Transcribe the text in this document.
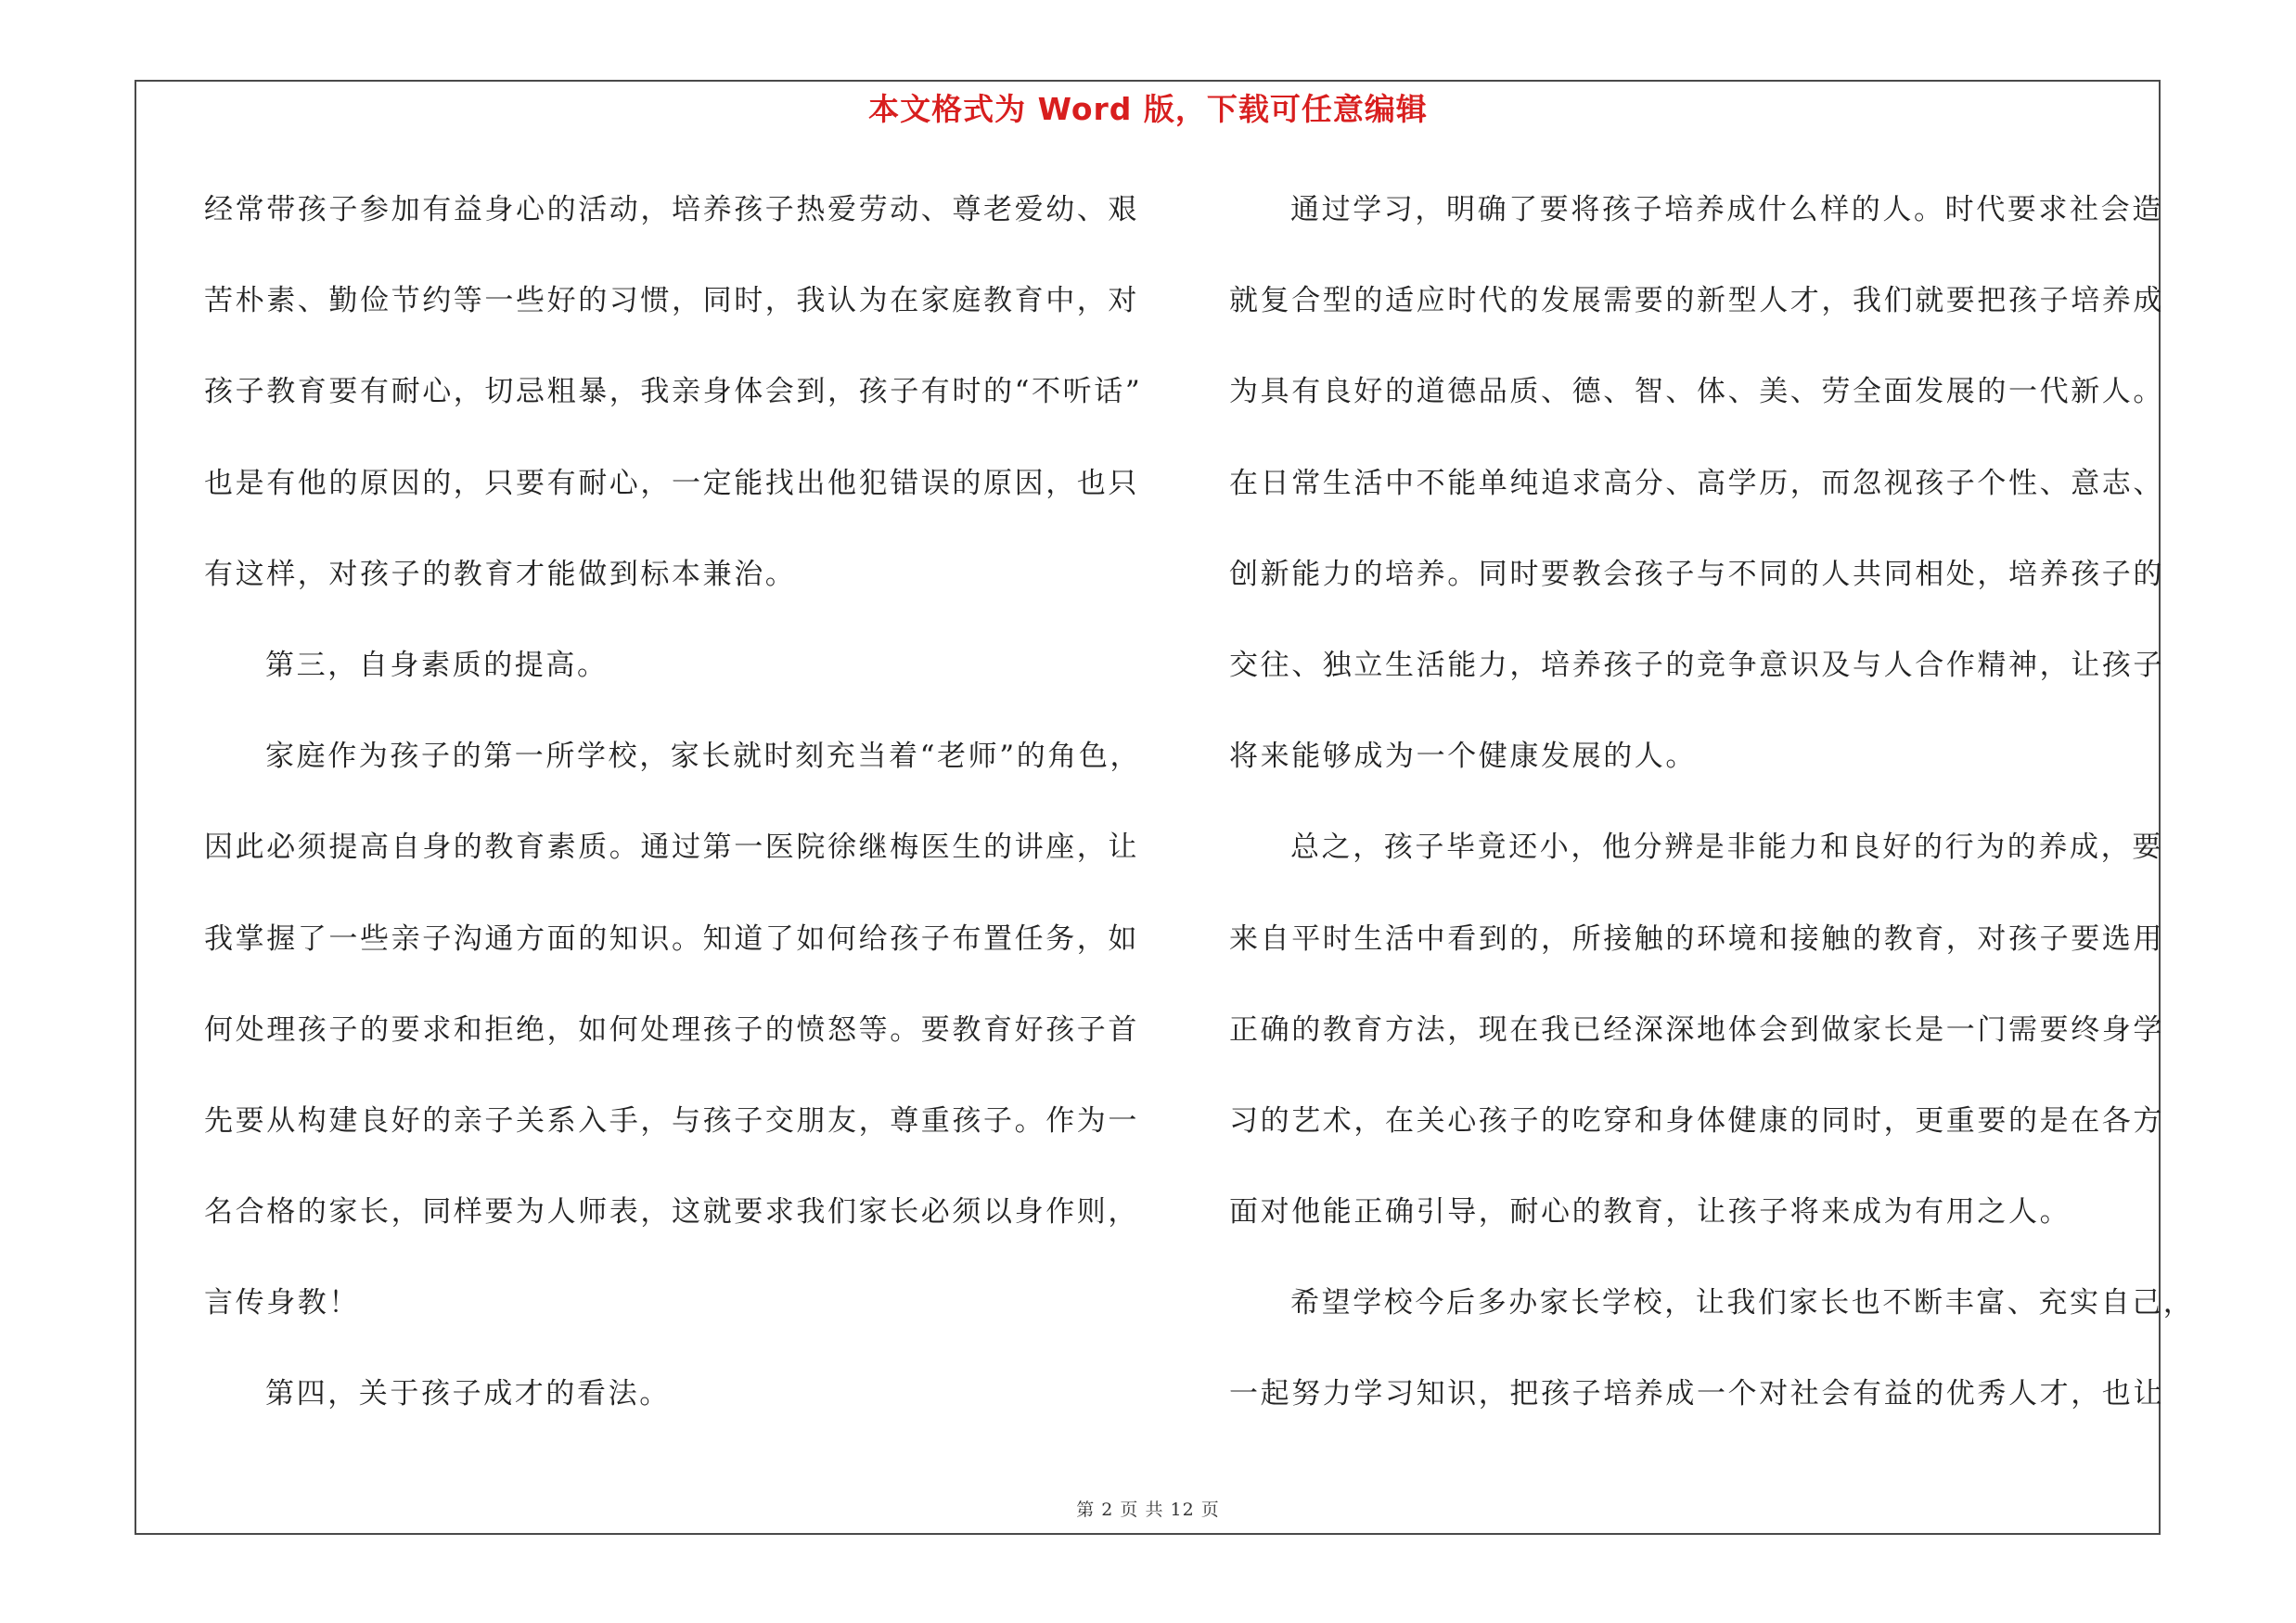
本文格式为 Word 版，下载可任意编辑
经常带孩子参加有益身心的活动，培养孩子热爱劳动、尊老爱幼、艰
苦朴素、勤俭节约等一些好的习惯，同时，我认为在家庭教育中，对
孩子教育要有耐心，切忌粗暴，我亲身体会到，孩子有时的“不听话”
也是有他的原因的，只要有耐心，一定能找出他犯错误的原因，也只
有这样，对孩子的教育才能做到标本兼治。
第三，自身素质的提高。
家庭作为孩子的第一所学校，家长就时刻充当着“老师”的角色，
因此必须提高自身的教育素质。通过第一医院徐继梅医生的讲座，让
我掌握了一些亲子沟通方面的知识。知道了如何给孩子布置任务，如
何处理孩子的要求和拒绝，如何处理孩子的愤怒等。要教育好孩子首
先要从构建良好的亲子关系入手，与孩子交朋友，尊重孩子。作为一
名合格的家长，同样要为人师表，这就要求我们家长必须以身作则，
言传身教！
第四，关于孩子成才的看法。
通过学习，明确了要将孩子培养成什么样的人。时代要求社会造
就复合型的适应时代的发展需要的新型人才，我们就要把孩子培养成
为具有良好的道德品质、德、智、体、美、劳全面发展的一代新人。
在日常生活中不能单纯追求高分、高学历，而忽视孩子个性、意志、
创新能力的培养。同时要教会孩子与不同的人共同相处，培养孩子的
交往、独立生活能力，培养孩子的竞争意识及与人合作精神，让孩子
将来能够成为一个健康发展的人。
总之，孩子毕竟还小，他分辨是非能力和良好的行为的养成，要
来自平时生活中看到的，所接触的环境和接触的教育，对孩子要选用
正确的教育方法，现在我已经深深地体会到做家长是一门需要终身学
习的艺术，在关心孩子的吃穿和身体健康的同时，更重要的是在各方
面对他能正确引导，耐心的教育，让孩子将来成为有用之人。
希望学校今后多办家长学校，让我们家长也不断丰富、充实自己，
一起努力学习知识，把孩子培养成一个对社会有益的优秀人才，也让
第 2 页 共 12 页
